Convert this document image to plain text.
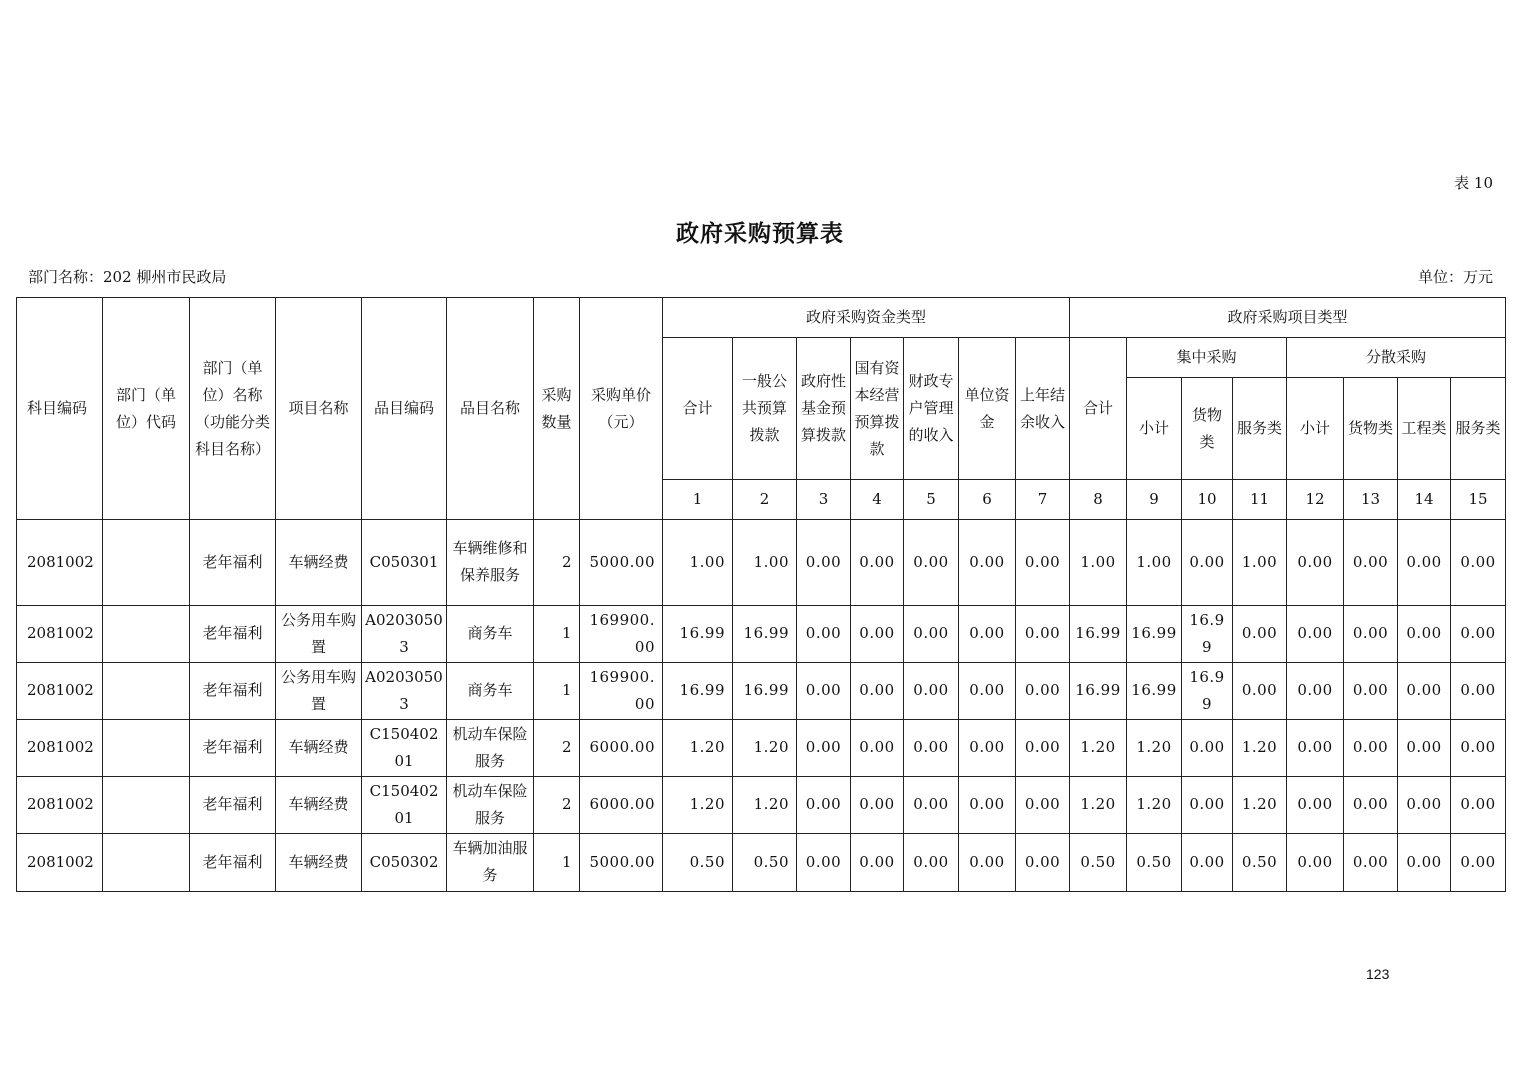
表 10
政府采购预算表
部门名称：202 柳州市民政局	单位：万元
科目编码	部门（单位）代码	部门（单位）名称（功能分类科目名称）	项目名称	品目编码	品目名称	采购数量	采购单价（元）	政府采购资金类型							政府采购项目类型							
								合计	一般公共预算拨款	政府性基金预算拨款	国有资本经营预算拨款	财政专户管理的收入	单位资金	上年结余收入	合计	集中采购			分散采购			
																小计	货物类	服务类	小计	货物类	工程类	服务类
								1	2	3	4	5	6	7	8	9	10	11	12	13	14	15
2081002		老年福利	车辆经费	C050301	车辆维修和保养服务	2	5000.00	1.00	1.00	0.00	0.00	0.00	0.00	0.00	1.00	1.00	0.00	1.00	0.00	0.00	0.00	0.00
2081002		老年福利	公务用车购置	A02030503	商务车	1	169900.00	16.99	16.99	0.00	0.00	0.00	0.00	0.00	16.99	16.99	16.99	0.00	0.00	0.00	0.00	0.00
2081002		老年福利	公务用车购置	A02030503	商务车	1	169900.00	16.99	16.99	0.00	0.00	0.00	0.00	0.00	16.99	16.99	16.99	0.00	0.00	0.00	0.00	0.00
2081002		老年福利	车辆经费	C15040201	机动车保险服务	2	6000.00	1.20	1.20	0.00	0.00	0.00	0.00	0.00	1.20	1.20	0.00	1.20	0.00	0.00	0.00	0.00
2081002		老年福利	车辆经费	C15040201	机动车保险服务	2	6000.00	1.20	1.20	0.00	0.00	0.00	0.00	0.00	1.20	1.20	0.00	1.20	0.00	0.00	0.00	0.00
2081002		老年福利	车辆经费	C050302	车辆加油服务	1	5000.00	0.50	0.50	0.00	0.00	0.00	0.00	0.00	0.50	0.50	0.00	0.50	0.00	0.00	0.00	0.00
123
